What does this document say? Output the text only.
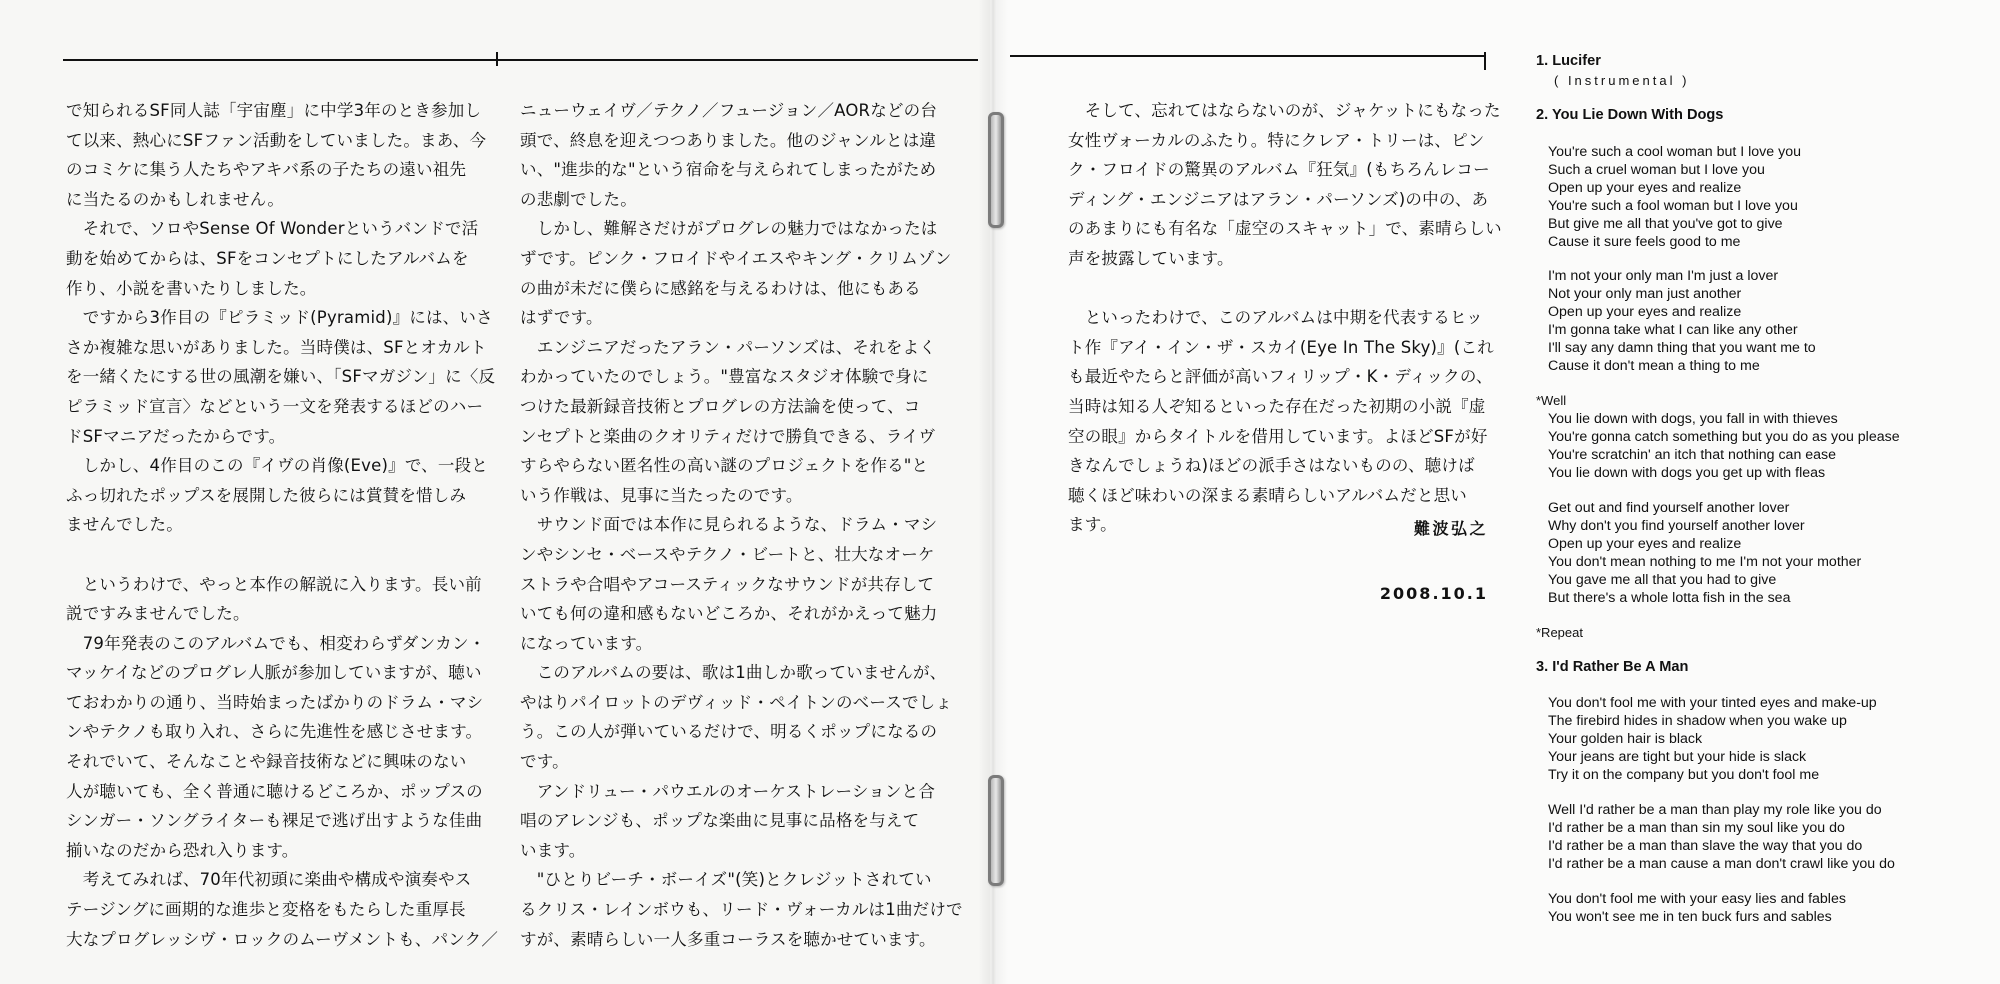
で知られるSF同人誌「宇宙塵」に中学3年のとき参加し
て以来、熱心にSFファン活動をしていました。まあ、今
のコミケに集う人たちやアキバ系の子たちの遠い祖先
に当たるのかもしれません。
　それで、ソロやSense Of Wonderというバンドで活
動を始めてからは、SFをコンセプトにしたアルバムを
作り、小説を書いたりしました。
　ですから3作目の『ピラミッド(Pyramid)』には、いさ
さか複雑な思いがありました。当時僕は、SFとオカルト
を一緒くたにする世の風潮を嫌い、「SFマガジン」に〈反
ピラミッド宣言〉などという一文を発表するほどのハー
ドSFマニアだったからです。
　しかし、4作目のこの『イヴの肖像(Eve)』で、一段と
ふっ切れたポップスを展開した彼らには賞賛を惜しみ
ませんでした。
　というわけで、やっと本作の解説に入ります。長い前
説ですみませんでした。
　79年発表のこのアルバムでも、相変わらずダンカン・
マッケイなどのプログレ人脈が参加していますが、聴い
ておわかりの通り、当時始まったばかりのドラム・マシ
ンやテクノも取り入れ、さらに先進性を感じさせます。
それでいて、そんなことや録音技術などに興味のない
人が聴いても、全く普通に聴けるどころか、ポップスの
シンガー・ソングライターも裸足で逃げ出すような佳曲
揃いなのだから恐れ入ります。
　考えてみれば、70年代初頭に楽曲や構成や演奏やス
テージングに画期的な進歩と変格をもたらした重厚長
大なプログレッシヴ・ロックのムーヴメントも、パンク／
ニューウェイヴ／テクノ／フュージョン／AORなどの台
頭で、終息を迎えつつありました。他のジャンルとは違
い、"進歩的な"という宿命を与えられてしまったがため
の悲劇でした。
　しかし、難解さだけがプログレの魅力ではなかったは
ずです。ピンク・フロイドやイエスやキング・クリムゾン
の曲が未だに僕らに感銘を与えるわけは、他にもある
はずです。
　エンジニアだったアラン・パーソンズは、それをよく
わかっていたのでしょう。"豊富なスタジオ体験で身に
つけた最新録音技術とプログレの方法論を使って、コ
ンセプトと楽曲のクオリティだけで勝負できる、ライヴ
すらやらない匿名性の高い謎のプロジェクトを作る"と
いう作戦は、見事に当たったのです。
　サウンド面では本作に見られるような、ドラム・マシ
ンやシンセ・ベースやテクノ・ビートと、壮大なオーケ
ストラや合唱やアコースティックなサウンドが共存して
いても何の違和感もないどころか、それがかえって魅力
になっています。
　このアルバムの要は、歌は1曲しか歌っていませんが、
やはりパイロットのデヴィッド・ペイトンのベースでしょ
う。この人が弾いているだけで、明るくポップになるの
です。
　アンドリュー・パウエルのオーケストレーションと合
唱のアレンジも、ポップな楽曲に見事に品格を与えて
います。
　"ひとりビーチ・ボーイズ"(笑)とクレジットされてい
るクリス・レインボウも、リード・ヴォーカルは1曲だけで
すが、素晴らしい一人多重コーラスを聴かせています。
　そして、忘れてはならないのが、ジャケットにもなった
女性ヴォーカルのふたり。特にクレア・トリーは、ピン
ク・フロイドの驚異のアルバム『狂気』(もちろんレコー
ディング・エンジニアはアラン・パーソンズ)の中の、あ
のあまりにも有名な「虚空のスキャット」で、素晴らしい
声を披露しています。
　といったわけで、このアルバムは中期を代表するヒッ
ト作『アイ・イン・ザ・スカイ(Eye In The Sky)』(これ
も最近やたらと評価が高いフィリップ・K・ディックの、
当時は知る人ぞ知るといった存在だった初期の小説『虚
空の眼』からタイトルを借用しています。よほどSFが好
きなんでしょうね)ほどの派手さはないものの、聴けば
聴くほど味わいの深まる素晴らしいアルバムだと思い
ます。	難波弘之
2008.10.1
1. Lucifer
( Instrumental )
2. You Lie Down With Dogs
You're such a cool woman but I love you
Such a cruel woman but I love you
Open up your eyes and realize
You're such a fool woman but I love you
But give me all that you've got to give
Cause it sure feels good to me
I'm not your only man I'm just a lover
Not your only man just another
Open up your eyes and realize
I'm gonna take what I can like any other
I'll say any damn thing that you want me to
Cause it don't mean a thing to me
*Well
You lie down with dogs, you fall in with thieves
You're gonna catch something but you do as you please
You're scratchin' an itch that nothing can ease
You lie down with dogs you get up with fleas
Get out and find yourself another lover
Why don't you find yourself another lover
Open up your eyes and realize
You don't mean nothing to me I'm not your mother
You gave me all that you had to give
But there's a whole lotta fish in the sea
*Repeat
3. I'd Rather Be A Man
You don't fool me with your tinted eyes and make-up
The firebird hides in shadow when you wake up
Your golden hair is black
Your jeans are tight but your hide is slack
Try it on the company but you don't fool me
Well I'd rather be a man than play my role like you do
I'd rather be a man than sin my soul like you do
I'd rather be a man than slave the way that you do
I'd rather be a man cause a man don't crawl like you do
You don't fool me with your easy lies and fables
You won't see me in ten buck furs and sables
